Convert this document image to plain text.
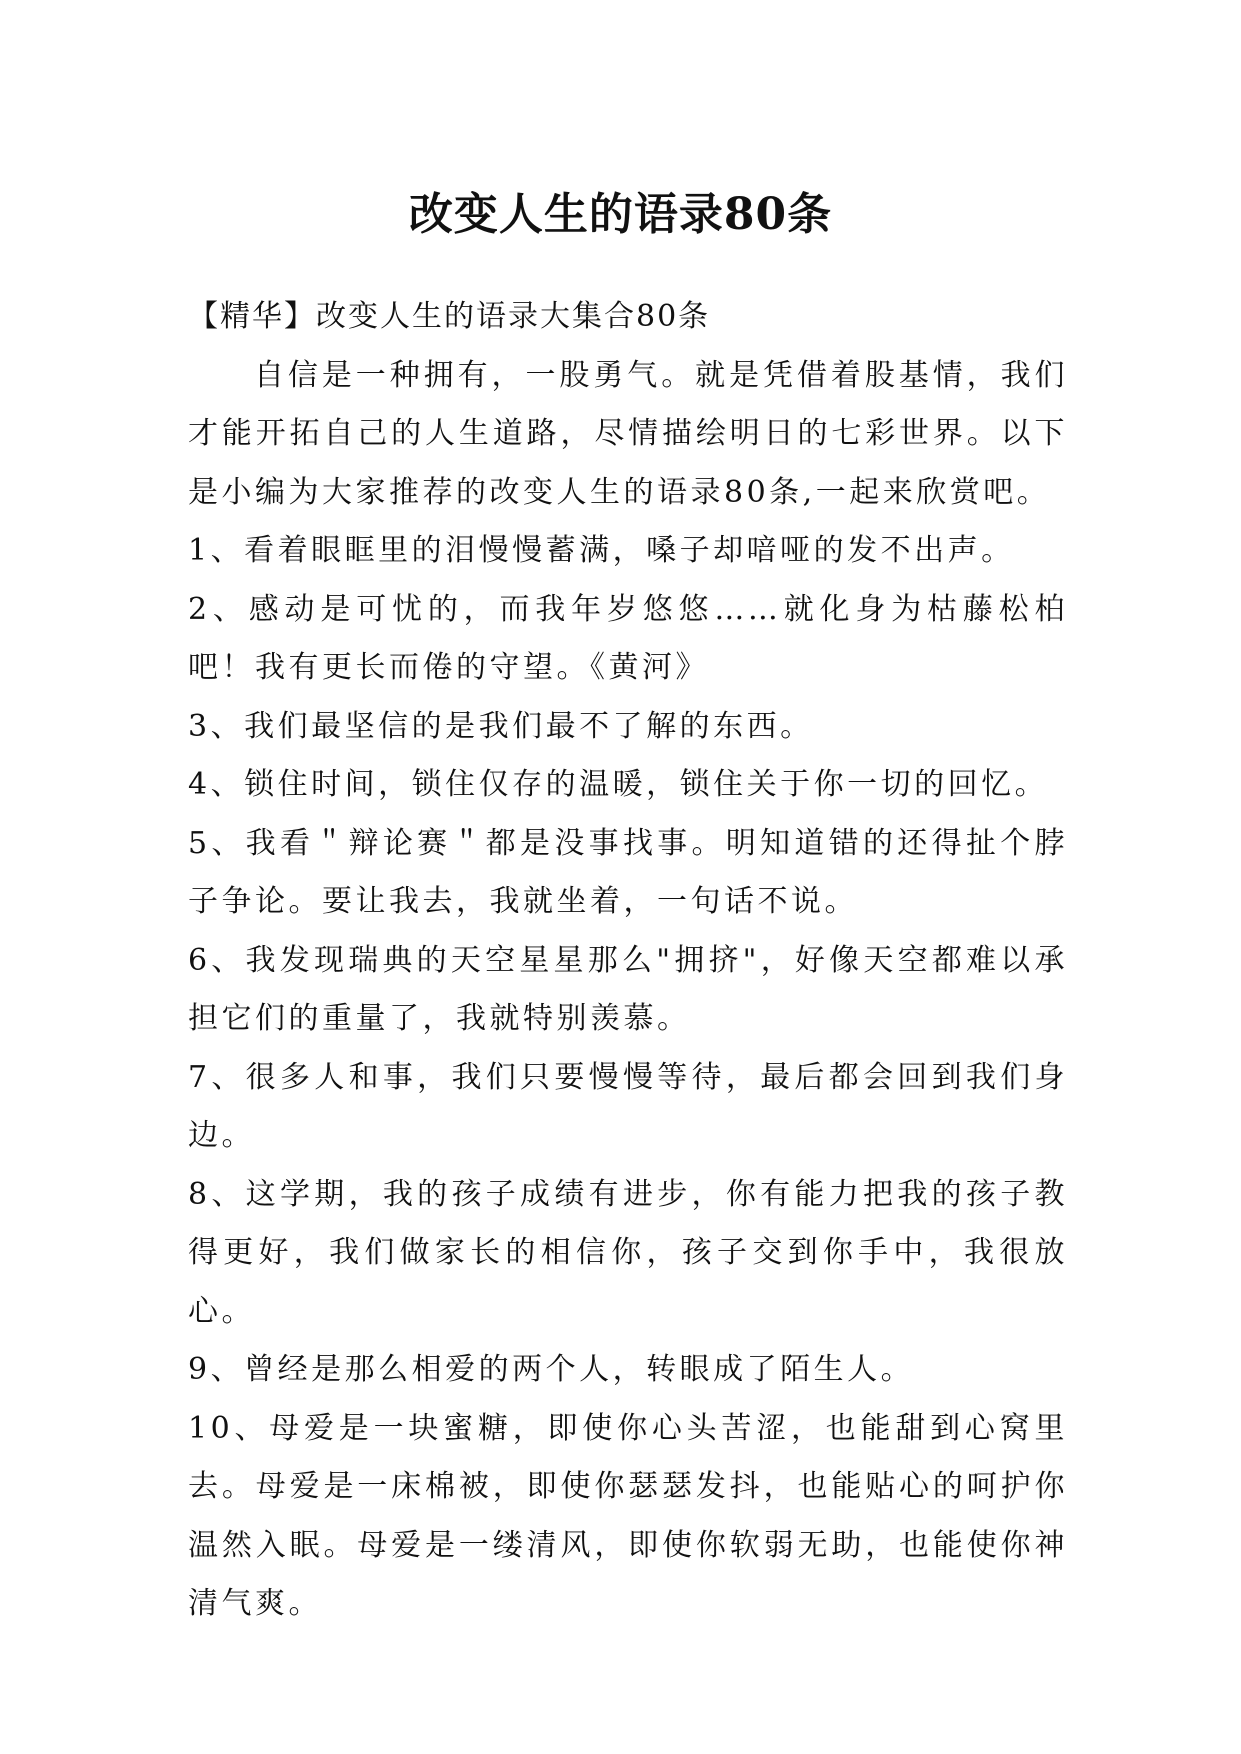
改变人生的语录80条

【精华】改变人生的语录大集合80条

自信是一种拥有，一股勇气。就是凭借着股基情，我们才能开拓自己的人生道路，尽情描绘明日的七彩世界。以下是小编为大家推荐的改变人生的语录80条,一起来欣赏吧。

1、看着眼眶里的泪慢慢蓄满，嗓子却喑哑的发不出声。

2、感动是可忧的，而我年岁悠悠……就化身为枯藤松柏吧！我有更长而倦的守望。《黄河》

3、我们最坚信的是我们最不了解的东西。

4、锁住时间，锁住仅存的温暖，锁住关于你一切的回忆。

5、我看＂辩论赛＂都是没事找事。明知道错的还得扯个脖子争论。要让我去，我就坐着，一句话不说。

6、我发现瑞典的天空星星那么"拥挤"，好像天空都难以承担它们的重量了，我就特别羡慕。

7、很多人和事，我们只要慢慢等待，最后都会回到我们身边。

8、这学期，我的孩子成绩有进步，你有能力把我的孩子教得更好，我们做家长的相信你，孩子交到你手中，我很放心。

9、曾经是那么相爱的两个人，转眼成了陌生人。

10、母爱是一块蜜糖，即使你心头苦涩，也能甜到心窝里去。母爱是一床棉被，即使你瑟瑟发抖，也能贴心的呵护你温然入眠。母爱是一缕清风，即使你软弱无助，也能使你神清气爽。
